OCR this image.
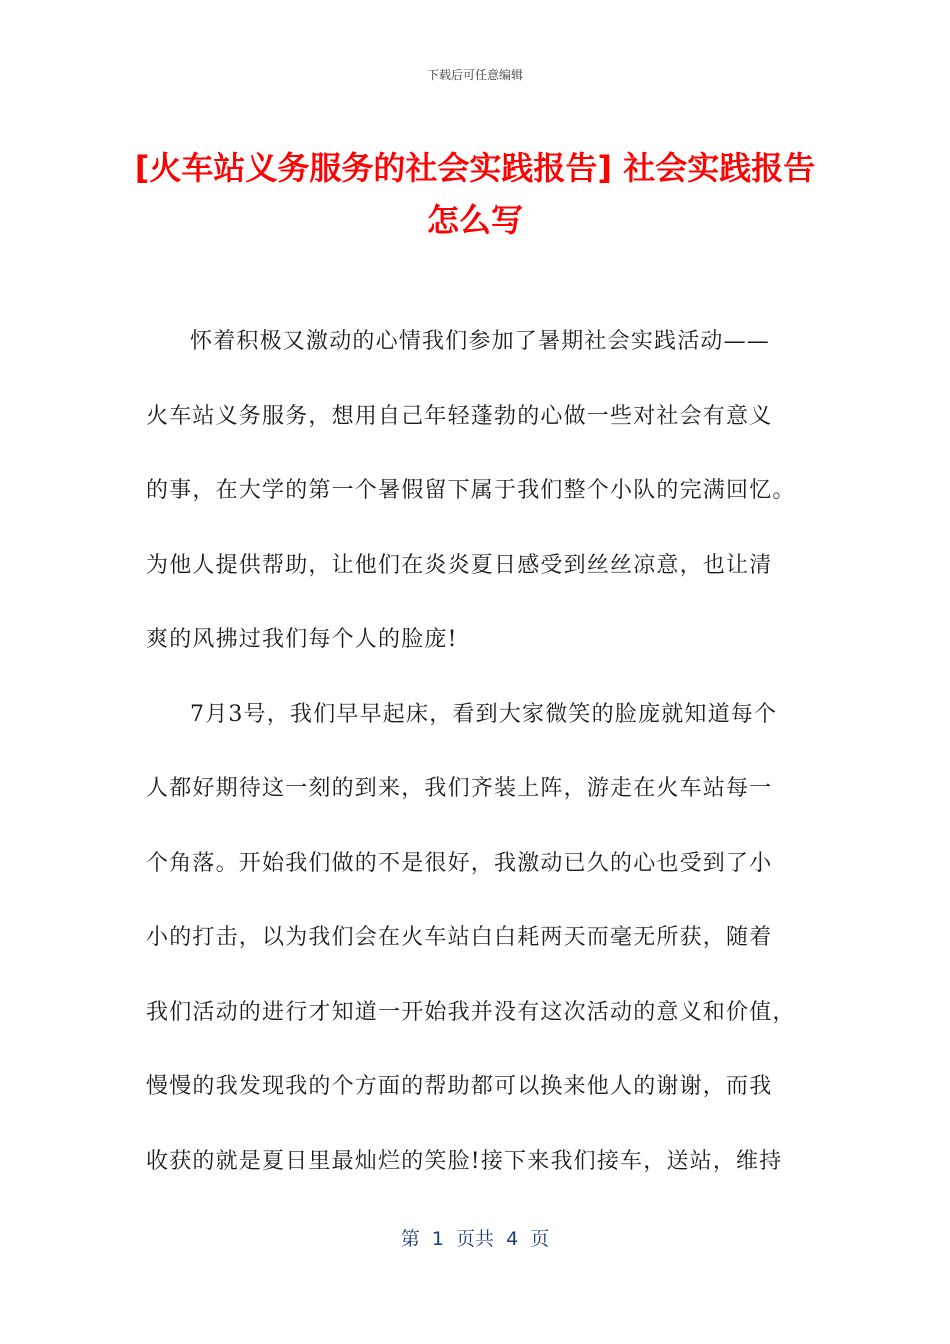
下载后可任意编辑
[火车站义务服务的社会实践报告] 社会实践报告怎么写
怀着积极又激动的心情我们参加了暑期社会实践活动——
火车站义务服务，想用自己年轻蓬勃的心做一些对社会有意义
的事，在大学的第一个暑假留下属于我们整个小队的完满回忆。
为他人提供帮助，让他们在炎炎夏日感受到丝丝凉意，也让清
爽的风拂过我们每个人的脸庞!
7月3号，我们早早起床，看到大家微笑的脸庞就知道每个
人都好期待这一刻的到来，我们齐装上阵，游走在火车站每一
个角落。开始我们做的不是很好，我激动已久的心也受到了小
小的打击，以为我们会在火车站白白耗两天而毫无所获，随着
我们活动的进行才知道一开始我并没有这次活动的意义和价值，
慢慢的我发现我的个方面的帮助都可以换来他人的谢谢，而我
收获的就是夏日里最灿烂的笑脸!接下来我们接车，送站，维持
第  1  页共  4  页
